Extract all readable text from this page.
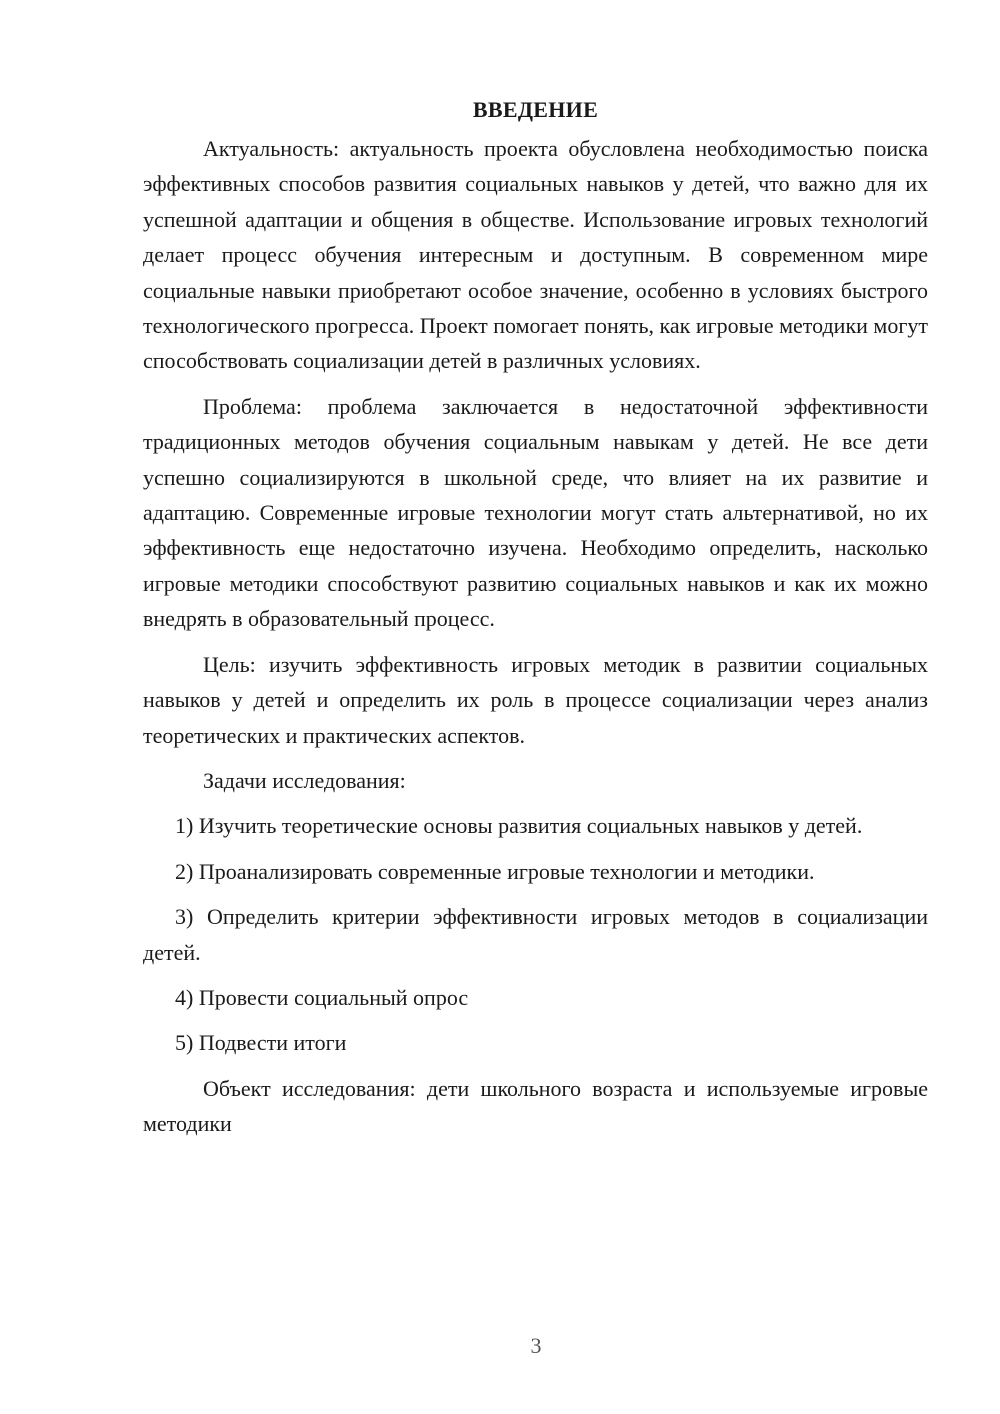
ВВЕДЕНИЕ

Актуальность: актуальность проекта обусловлена необходимостью поиска эффективных способов развития социальных навыков у детей, что важно для их успешной адаптации и общения в обществе. Использование игровых технологий делает процесс обучения интересным и доступным. В современном мире социальные навыки приобретают особое значение, особенно в условиях быстрого технологического прогресса. Проект помогает понять, как игровые методики могут способствовать социализации детей в различных условиях.

Проблема: проблема заключается в недостаточной эффективности традиционных методов обучения социальным навыкам у детей. Не все дети успешно социализируются в школьной среде, что влияет на их развитие и адаптацию. Современные игровые технологии могут стать альтернативой, но их эффективность еще недостаточно изучена. Необходимо определить, насколько игровые методики способствуют развитию социальных навыков и как их можно внедрять в образовательный процесс.

Цель: изучить эффективность игровых методик в развитии социальных навыков у детей и определить их роль в процессе социализации через анализ теоретических и практических аспектов.

Задачи исследования:

1) Изучить теоретические основы развития социальных навыков у детей.

2) Проанализировать современные игровые технологии и методики.

3) Определить критерии эффективности игровых методов в социализации детей.

4) Провести социальный опрос

5) Подвести итоги

Объект исследования: дети школьного возраста и используемые игровые методики

3
